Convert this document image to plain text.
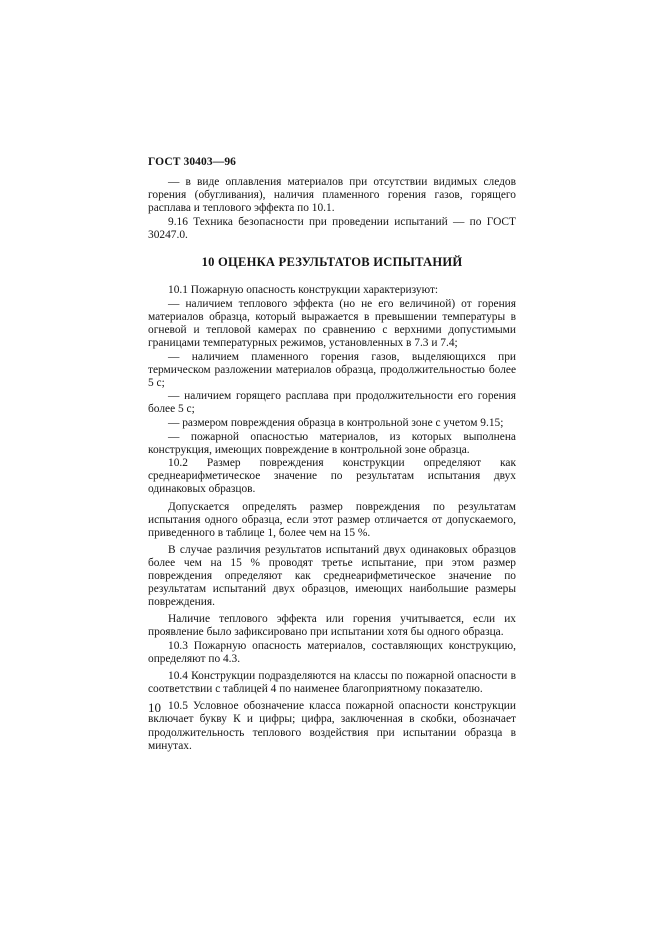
ГОСТ 30403—96

— в виде оплавления материалов при отсутствии видимых следов горения (обугливания), наличия пламенного горения газов, горящего расплава и теплового эффекта по 10.1.

9.16 Техника безопасности при проведении испытаний — по ГОСТ 30247.0.

10 ОЦЕНКА РЕЗУЛЬТАТОВ ИСПЫТАНИЙ

10.1 Пожарную опасность конструкции характеризуют:

— наличием теплового эффекта (но не его величиной) от горения материалов образца, который выражается в превышении температуры в огневой и тепловой камерах по сравнению с верхними допустимыми границами температурных режимов, установленных в 7.3 и 7.4;

— наличием пламенного горения газов, выделяющихся при термическом разложении материалов образца, продолжительностью более 5 с;

— наличием горящего расплава при продолжительности его горения более 5 с;

— размером повреждения образца в контрольной зоне с учетом 9.15;

— пожарной опасностью материалов, из которых выполнена конструкция, имеющих повреждение в контрольной зоне образца.

10.2 Размер повреждения конструкции определяют как среднеарифметическое значение по результатам испытания двух одинаковых образцов.

Допускается определять размер повреждения по результатам испытания одного образца, если этот размер отличается от допускаемого, приведенного в таблице 1, более чем на 15 %.

В случае различия результатов испытаний двух одинаковых образцов более чем на 15 % проводят третье испытание, при этом размер повреждения определяют как среднеарифметическое значение по результатам испытаний двух образцов, имеющих наибольшие размеры повреждения.

Наличие теплового эффекта или горения учитывается, если их проявление было зафиксировано при испытании хотя бы одного образца.

10.3 Пожарную опасность материалов, составляющих конструкцию, определяют по 4.3.

10.4 Конструкции подразделяются на классы по пожарной опасности в соответствии с таблицей 4 по наименее благоприятному показателю.

10.5 Условное обозначение класса пожарной опасности конструкции включает букву К и цифры; цифра, заключенная в скобки, обозначает продолжительность теплового воздействия при испытании образца в минутах.

10
